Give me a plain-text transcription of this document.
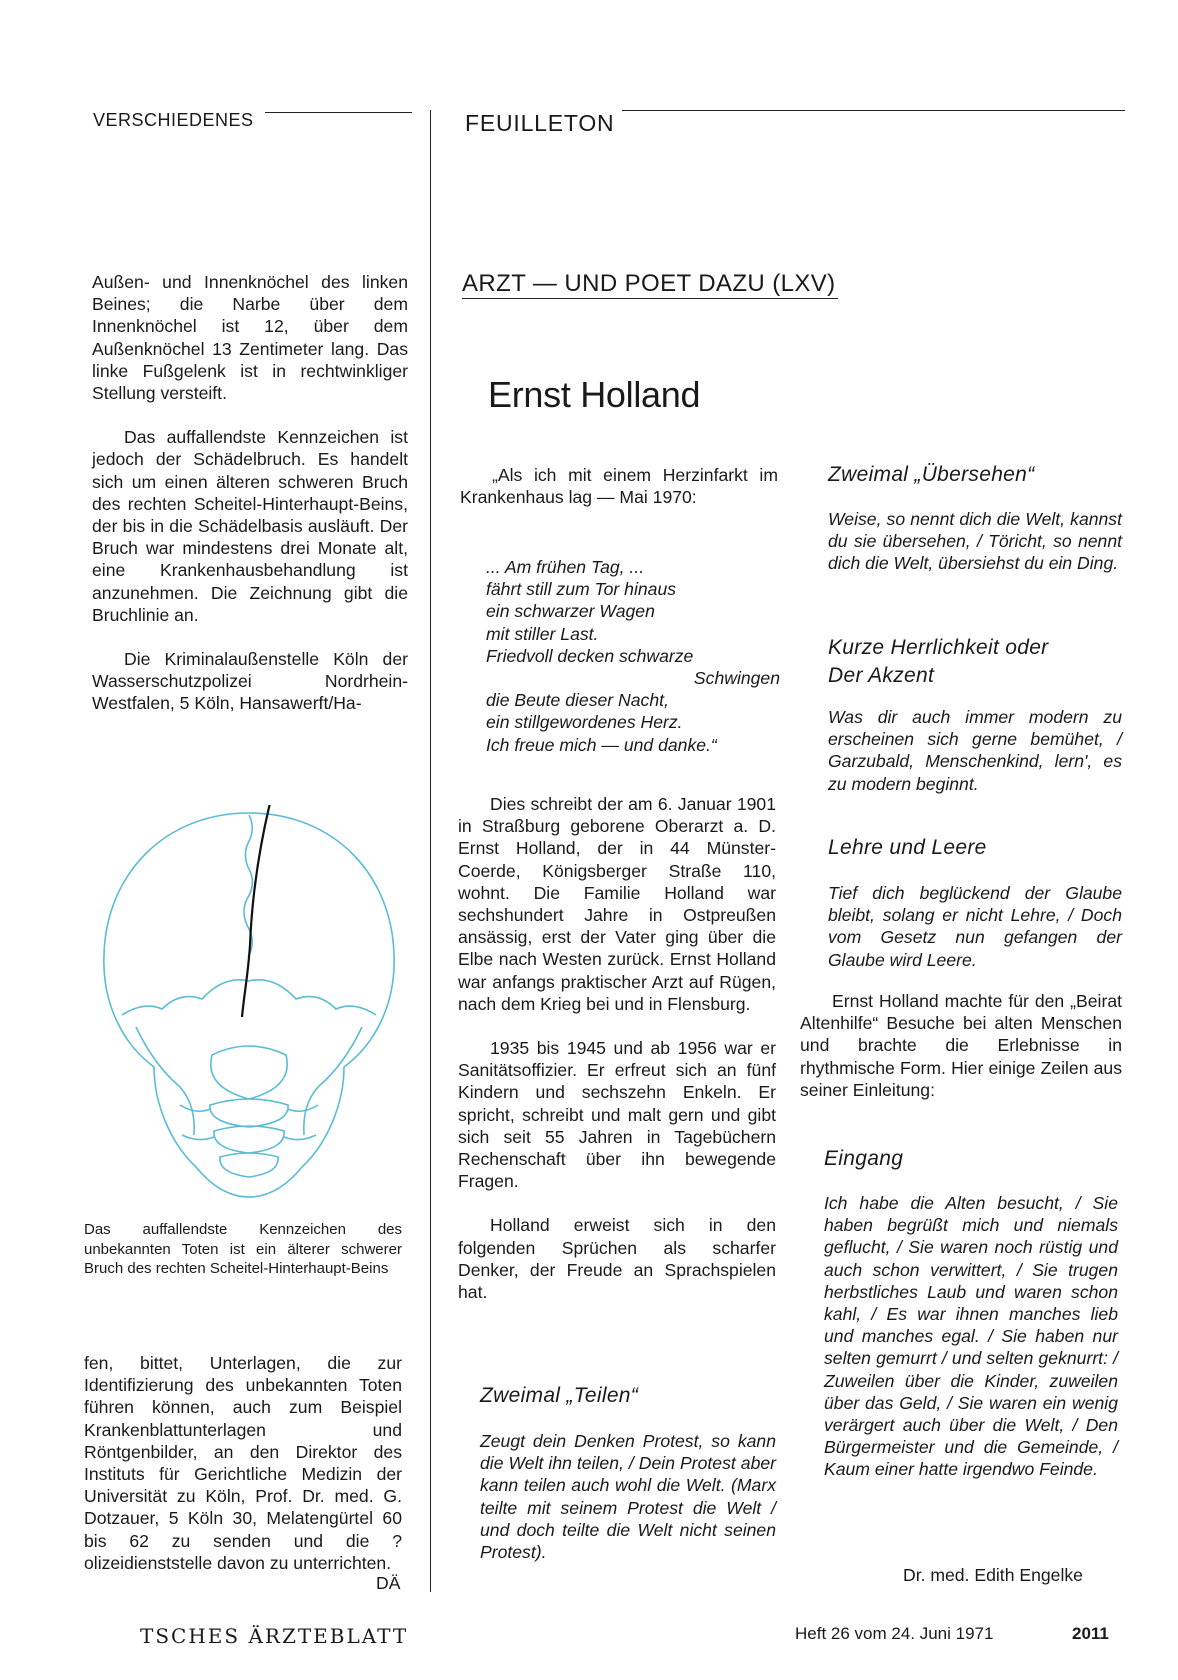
VERSCHIEDENES	FEUILLETON

Außen- und Innenknöchel des linken Beines; die Narbe über dem Innenknöchel ist 12, über dem Außenknöchel 13 Zentimeter lang. Das linke Fußgelenk ist in rechtwinkliger Stellung versteift.

Das auffallendste Kennzeichen ist jedoch der Schädelbruch. Es handelt sich um einen älteren schweren Bruch des rechten Scheitel-Hinterhaupt-Beins, der bis in die Schädelbasis ausläuft. Der Bruch war mindestens drei Monate alt, eine Krankenhausbehandlung ist anzunehmen. Die Zeichnung gibt die Bruchlinie an.

Die Kriminalaußenstelle Köln der Wasserschutzpolizei Nordrhein-Westfalen, 5 Köln, Hansawerft/Ha-

Das auffallendste Kennzeichen des unbekannten Toten ist ein älterer schwerer Bruch des rechten Scheitel-Hinterhaupt-Beins

fen, bittet, Unterlagen, die zur Identifizierung des unbekannten Toten führen können, auch zum Beispiel Krankenblattunterlagen und Röntgenbilder, an den Direktor des Instituts für Gerichtliche Medizin der Universität zu Köln, Prof. Dr. med. G. Dotzauer, 5 Köln 30, Melatengürtel 60 bis 62 zu senden und die ?olizeidienststelle davon zu unterrichten.

DÄ
ARZT — UND POET DAZU (LXV)
Ernst Holland
„Als ich mit einem Herzinfarkt im Krankenhaus lag — Mai 1970:
... Am frühen Tag, ...
fährt still zum Tor hinaus
ein schwarzer Wagen
mit stiller Last.
Friedvoll decken schwarze
Schwingen
die Beute dieser Nacht,
ein stillgewordenes Herz.
Ich freue mich — und danke.“

Dies schreibt der am 6. Januar 1901 in Straßburg geborene Oberarzt a. D. Ernst Holland, der in 44 Münster-Coerde, Königsberger Straße 110, wohnt. Die Familie Holland war sechshundert Jahre in Ostpreußen ansässig, erst der Vater ging über die Elbe nach Westen zurück. Ernst Holland war anfangs praktischer Arzt auf Rügen, nach dem Krieg bei und in Flensburg.

1935 bis 1945 und ab 1956 war er Sanitätsoffizier. Er erfreut sich an fünf Kindern und sechszehn Enkeln. Er spricht, schreibt und malt gern und gibt sich seit 55 Jahren in Tagebüchern Rechenschaft über ihn bewegende Fragen.

Holland erweist sich in den folgenden Sprüchen als scharfer Denker, der Freude an Sprachspielen hat.

Zweimal „Teilen“
Zeugt dein Denken Protest, so kann die Welt ihn teilen, / Dein Protest aber kann teilen auch wohl die Welt. (Marx teilte mit seinem Protest die Welt / und doch teilte die Welt nicht seinen Protest).
Zweimal „Übersehen“
Weise, so nennt dich die Welt, kannst du sie übersehen, / Töricht, so nennt dich die Welt, übersiehst du ein Ding.
Kurze Herrlichkeit oder
Der Akzent
Was dir auch immer modern zu erscheinen sich gerne bemühet, / Garzubald, Menschenkind, lern', es zu modern beginnt.
Lehre und Leere
Tief dich beglückend der Glaube bleibt, solang er nicht Lehre, / Doch vom Gesetz nun gefangen der Glaube wird Leere.
Ernst Holland machte für den „Beirat Altenhilfe“ Besuche bei alten Menschen und brachte die Erlebnisse in rhythmische Form. Hier einige Zeilen aus seiner Einleitung:
Eingang
Ich habe die Alten besucht, / Sie haben begrüßt mich und niemals geflucht, / Sie waren noch rüstig und auch schon verwittert, / Sie trugen herbstliches Laub und waren schon kahl, / Es war ihnen manches lieb und manches egal. / Sie haben nur selten gemurrt / und selten geknurrt: / Zuweilen über die Kinder, zuweilen über das Geld, / Sie waren ein wenig verärgert auch über die Welt, / Den Bürgermeister und die Gemeinde, / Kaum einer hatte irgendwo Feinde.
Dr. med. Edith Engelke
TSCHES ÄRZTEBLATT	Heft 26 vom 24. Juni 1971	2011
